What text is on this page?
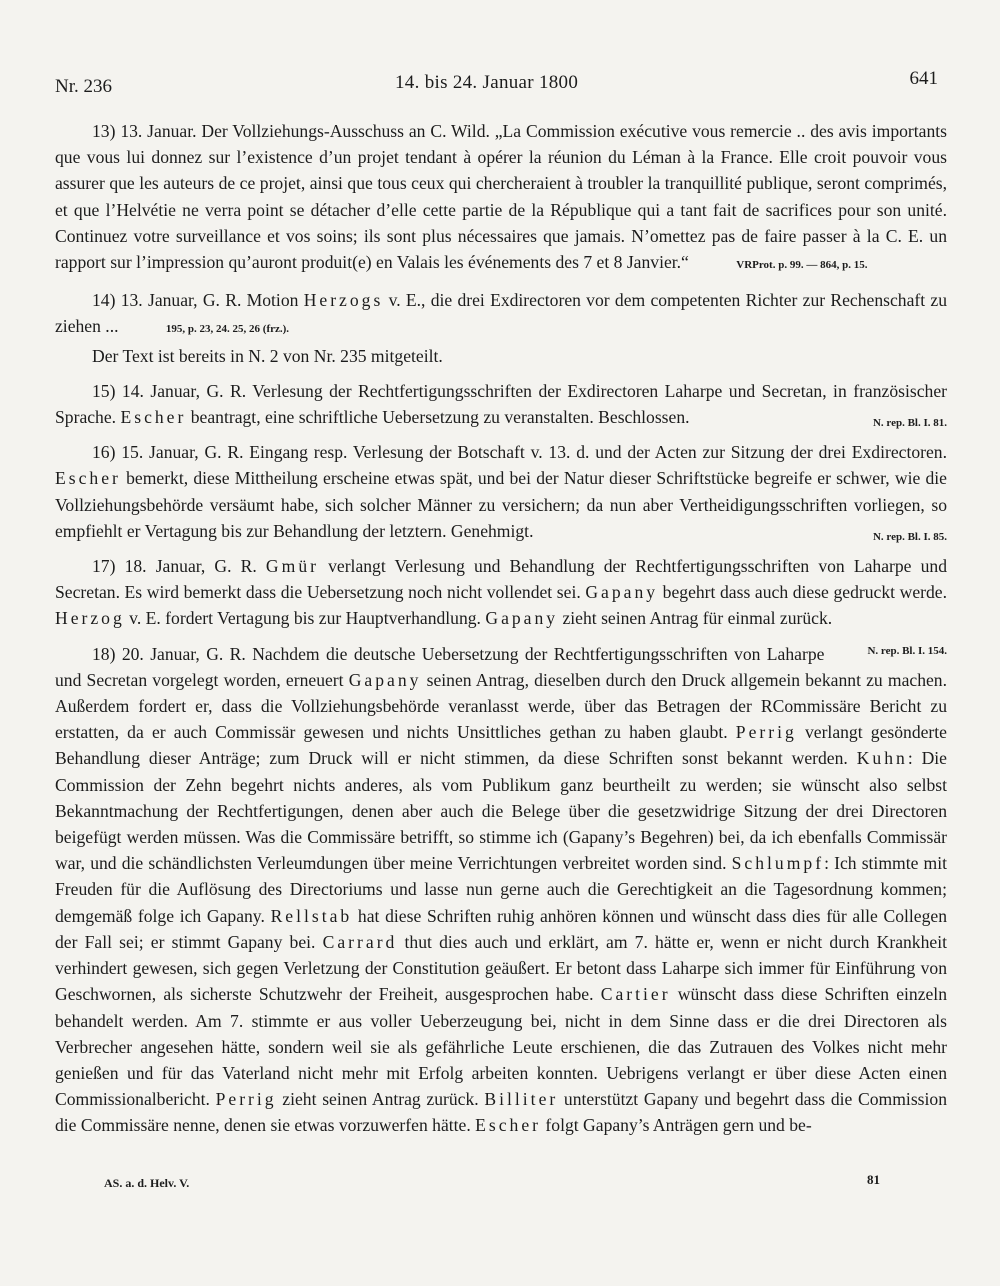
Nr. 236	14. bis 24. Januar 1800	641

13) 13. Januar. Der Vollziehungs-Ausschuss an C. Wild. „La Commission exécutive vous remercie .. des avis importants que vous lui donnez sur l’existence d’un projet tendant à opérer la réunion du Léman à la France. Elle croit pouvoir vous assurer que les auteurs de ce projet, ainsi que tous ceux qui chercheraient à troubler la tranquillité publique, seront comprimés, et que l’Helvétie ne verra point se détacher d’elle cette partie de la République qui a tant fait de sacrifices pour son unité. Continuez votre surveillance et vos soins; ils sont plus nécessaires que jamais. N’omettez pas de faire passer à la C. E. un rapport sur l’impression qu’auront produit(e) en Valais les événements des 7 et 8 Janvier.“	VRProt. p. 99. — 864, p. 15.

14) 13. Januar, G. R. Motion Herzogs v. E., die drei Exdirectoren vor dem competenten Richter zur Rechenschaft zu ziehen ...	195, p. 23, 24. 25, 26 (frz.).

Der Text ist bereits in N. 2 von Nr. 235 mitgeteilt.

15) 14. Januar, G. R. Verlesung der Rechtfertigungsschriften der Exdirectoren Laharpe und Secretan, in französischer Sprache. Escher beantragt, eine schriftliche Uebersetzung zu veranstalten. Beschlossen.	N. rep. Bl. I. 81.

16) 15. Januar, G. R. Eingang resp. Verlesung der Botschaft v. 13. d. und der Acten zur Sitzung der drei Exdirectoren. Escher bemerkt, diese Mittheilung erscheine etwas spät, und bei der Natur dieser Schriftstücke begreife er schwer, wie die Vollziehungsbehörde versäumt habe, sich solcher Männer zu versichern; da nun aber Vertheidigungsschriften vorliegen, so empfiehlt er Vertagung bis zur Behandlung der letztern. Genehmigt.	N. rep. Bl. I. 85.

17) 18. Januar, G. R. Gmür verlangt Verlesung und Behandlung der Rechtfertigungsschriften von Laharpe und Secretan. Es wird bemerkt dass die Uebersetzung noch nicht vollendet sei. Gapany begehrt dass auch diese gedruckt werde. Herzog v. E. fordert Vertagung bis zur Hauptverhandlung. Gapany zieht seinen Antrag für einmal zurück.
N. rep. Bl. I. 154.

18) 20. Januar, G. R. Nachdem die deutsche Uebersetzung der Rechtfertigungsschriften von Laharpe und Secretan vorgelegt worden, erneuert Gapany seinen Antrag, dieselben durch den Druck allgemein bekannt zu machen. Außerdem fordert er, dass die Vollziehungsbehörde veranlasst werde, über das Betragen der RCommissäre Bericht zu erstatten, da er auch Commissär gewesen und nichts Unsittliches gethan zu haben glaubt. Perrig verlangt gesönderte Behandlung dieser Anträge; zum Druck will er nicht stimmen, da diese Schriften sonst bekannt werden. Kuhn: Die Commission der Zehn begehrt nichts anderes, als vom Publikum ganz beurtheilt zu werden; sie wünscht also selbst Bekanntmachung der Rechtfertigungen, denen aber auch die Belege über die gesetzwidrige Sitzung der drei Directoren beigefügt werden müssen. Was die Commissäre betrifft, so stimme ich (Gapany’s Begehren) bei, da ich ebenfalls Commissär war, und die schändlichsten Verleumdungen über meine Verrichtungen verbreitet worden sind. Schlumpf: Ich stimmte mit Freuden für die Auflösung des Directoriums und lasse nun gerne auch die Gerechtigkeit an die Tagesordnung kommen; demgemäß folge ich Gapany. Rellstab hat diese Schriften ruhig anhören können und wünscht dass dies für alle Collegen der Fall sei; er stimmt Gapany bei. Carrard thut dies auch und erklärt, am 7. hätte er, wenn er nicht durch Krankheit verhindert gewesen, sich gegen Verletzung der Constitution geäußert. Er betont dass Laharpe sich immer für Einführung von Geschwornen, als sicherste Schutzwehr der Freiheit, ausgesprochen habe. Cartier wünscht dass diese Schriften einzeln behandelt werden. Am 7. stimmte er aus voller Ueberzeugung bei, nicht in dem Sinne dass er die drei Directoren als Verbrecher angesehen hätte, sondern weil sie als gefährliche Leute erschienen, die das Zutrauen des Volkes nicht mehr genießen und für das Vaterland nicht mehr mit Erfolg arbeiten konnten. Uebrigens verlangt er über diese Acten einen Commissionalbericht. Perrig zieht seinen Antrag zurück. Billiter unterstützt Gapany und begehrt dass die Commission die Commissäre nenne, denen sie etwas vorzuwerfen hätte. Escher folgt Gapany’s Anträgen gern und be-

AS. a. d. Helv. V.	81
